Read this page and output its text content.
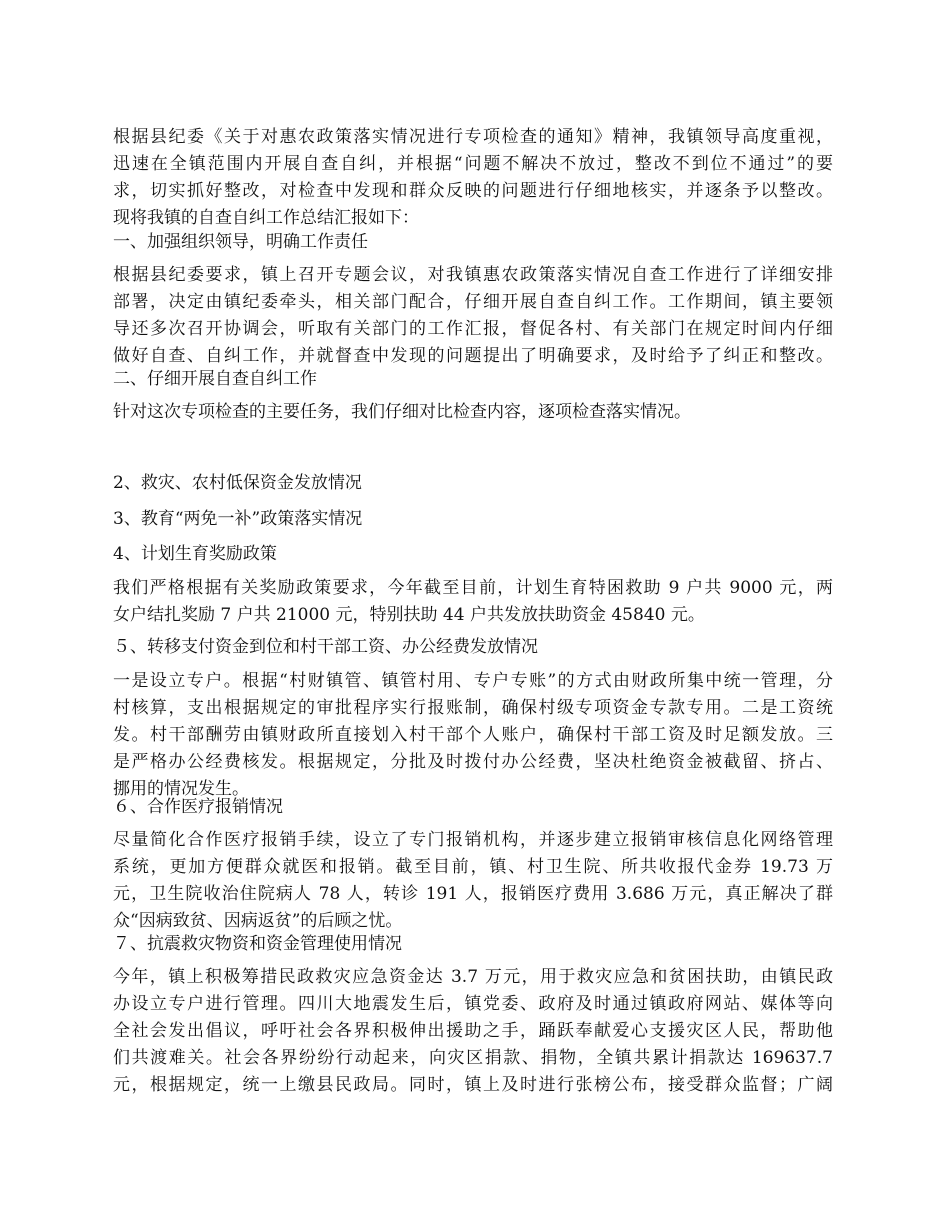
根据县纪委《关于对惠农政策落实情况进行专项检查的通知》精神，我镇领导高度重视，
迅速在全镇范围内开展自查自纠，并根据“问题不解决不放过，整改不到位不通过”的要
求，切实抓好整改，对检查中发现和群众反映的问题进行仔细地核实，并逐条予以整改。
现将我镇的自查自纠工作总结汇报如下：
一、加强组织领导，明确工作责任
根据县纪委要求，镇上召开专题会议，对我镇惠农政策落实情况自查工作进行了详细安排
部署，决定由镇纪委牵头，相关部门配合，仔细开展自查自纠工作。工作期间，镇主要领
导还多次召开协调会，听取有关部门的工作汇报，督促各村、有关部门在规定时间内仔细
做好自查、自纠工作，并就督查中发现的问题提出了明确要求，及时给予了纠正和整改。
二、仔细开展自查自纠工作
针对这次专项检查的主要任务，我们仔细对比检查内容，逐项检查落实情况。
2、救灾、农村低保资金发放情况
3、教育“两免一补”政策落实情况
4、计划生育奖励政策
我们严格根据有关奖励政策要求，今年截至目前，计划生育特困救助 9 户共 9000 元，两
女户结扎奖励 7 户共 21000 元，特别扶助 44 户共发放扶助资金 45840 元。
５、转移支付资金到位和村干部工资、办公经费发放情况
一是设立专户。根据“村财镇管、镇管村用、专户专账”的方式由财政所集中统一管理，分
村核算，支出根据规定的审批程序实行报账制，确保村级专项资金专款专用。二是工资统
发。村干部酬劳由镇财政所直接划入村干部个人账户，确保村干部工资及时足额发放。三
是严格办公经费核发。根据规定，分批及时拨付办公经费，坚决杜绝资金被截留、挤占、
挪用的情况发生。
６、合作医疗报销情况
尽量简化合作医疗报销手续，设立了专门报销机构，并逐步建立报销审核信息化网络管理
系统，更加方便群众就医和报销。截至目前，镇、村卫生院、所共收报代金券 19.73 万
元，卫生院收治住院病人 78 人，转诊 191 人，报销医疗费用 3.686 万元，真正解决了群
众“因病致贫、因病返贫”的后顾之忧。
７、抗震救灾物资和资金管理使用情况
今年，镇上积极筹措民政救灾应急资金达 3.7 万元，用于救灾应急和贫困扶助，由镇民政
办设立专户进行管理。四川大地震发生后，镇党委、政府及时通过镇政府网站、媒体等向
全社会发出倡议，呼吁社会各界积极伸出援助之手，踊跃奉献爱心支援灾区人民，帮助他
们共渡难关。社会各界纷纷行动起来，向灾区捐款、捐物，全镇共累计捐款达 169637.7
元，根据规定，统一上缴县民政局。同时，镇上及时进行张榜公布，接受群众监督；广阔
